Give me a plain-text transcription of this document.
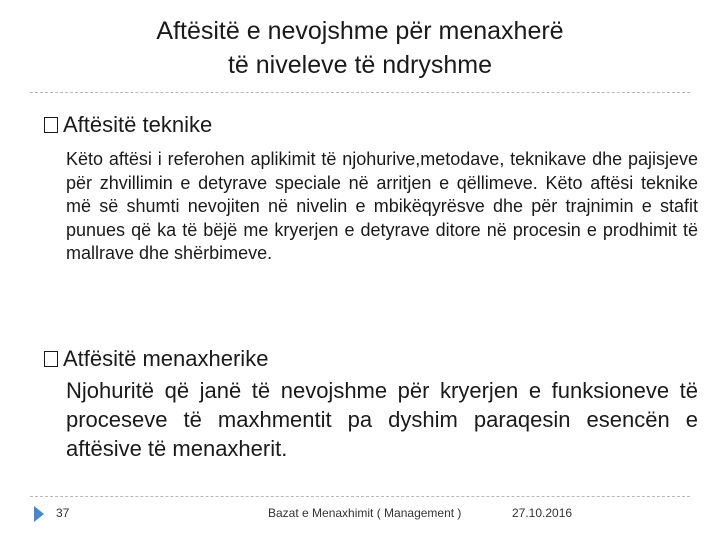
Aftësitë e nevojshme për menaxherë
të niveleve të ndryshme
Aftësitë teknike
Këto aftësi i referohen aplikimit të njohurive,metodave, teknikave dhe pajisjeve për zhvillimin e detyrave speciale në arritjen e qëllimeve. Këto aftësi teknike më së shumti nevojiten në nivelin e mbikëqyrësve dhe për trajnimin e stafit punues që ka të bëjë me kryerjen e detyrave ditore në procesin e prodhimit të mallrave dhe shërbimeve.
Atfësitë menaxherike
Njohuritë që janë të nevojshme për kryerjen e funksioneve të proceseve të maxhmentit pa dyshim paraqesin esencën e aftësive të menaxherit.
37	Bazat e Menaxhimit ( Management )	27.10.2016
